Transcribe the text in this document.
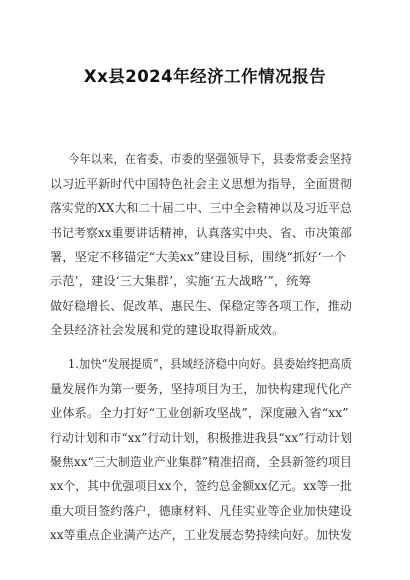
Xx县2024年经济工作情况报告
今年以来，在省委、市委的坚强领导下，县委常委会坚持
以习近平新时代中国特色社会主义思想为指导，全面贯彻
落实党的XX大和二十届二中、三中全会精神以及习近平总
书记考察xx重要讲话精神，认真落实中央、省、市决策部
署，坚定不移锚定“大美xx”建设目标，围绕“抓好‘一个
示范’，建设‘三大集群’，实施‘五大战略’”，统筹
做好稳增长、促改革、惠民生、保稳定等各项工作，推动
全县经济社会发展和党的建设取得新成效。
1.加快“发展提质”，县域经济稳中向好。县委始终把高质
量发展作为第一要务，坚持项目为王，加快构建现代化产
业体系。全力打好“工业创新攻坚战”，深度融入省“xx”
行动计划和市“xx”行动计划，积极推进我县“xx”行动计划
聚焦xx“三大制造业产业集群”精准招商，全县新签约项目
xx个，其中优强项目xx个，签约总金额xx亿元。xx等一批
重大项目签约落户，德康材料、凡佳实业等企业加快建设
xx等重点企业满产达产，工业发展态势持续向好。加快发
